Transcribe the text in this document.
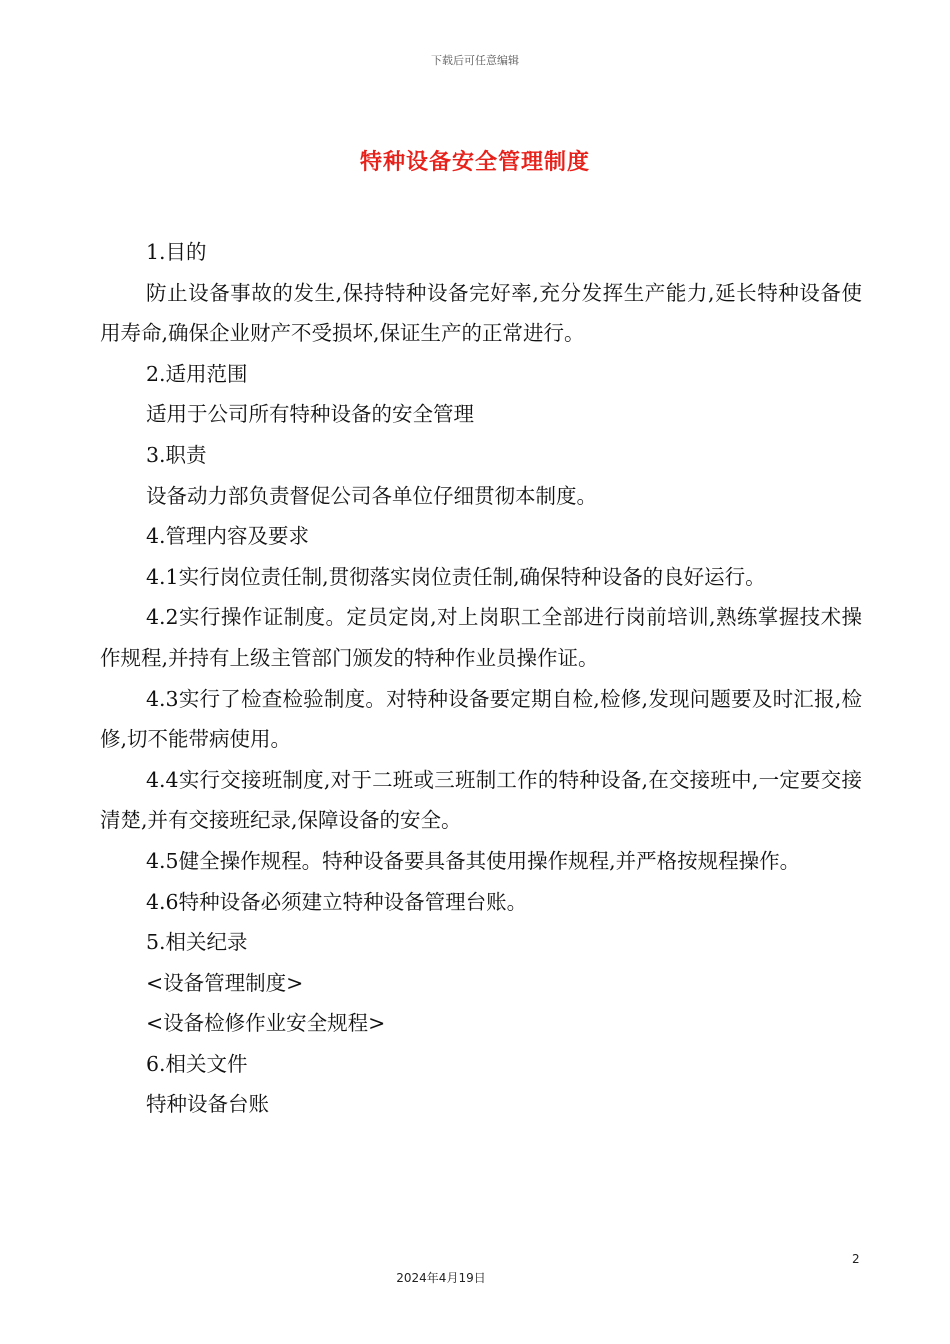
下载后可任意编辑
特种设备安全管理制度

1.目的

防止设备事故的发生,保持特种设备完好率,充分发挥生产能力,延长特种设备使用寿命,确保企业财产不受损坏,保证生产的正常进行。

2.适用范围

适用于公司所有特种设备的安全管理

3.职责

设备动力部负责督促公司各单位仔细贯彻本制度。

4.管理内容及要求

4.1实行岗位责任制,贯彻落实岗位责任制,确保特种设备的良好运行。

4.2实行操作证制度。定员定岗,对上岗职工全部进行岗前培训,熟练掌握技术操作规程,并持有上级主管部门颁发的特种作业员操作证。

4.3实行了检查检验制度。对特种设备要定期自检,检修,发现问题要及时汇报,检修,切不能带病使用。

4.4实行交接班制度,对于二班或三班制工作的特种设备,在交接班中,一定要交接清楚,并有交接班纪录,保障设备的安全。

4.5健全操作规程。特种设备要具备其使用操作规程,并严格按规程操作。

4.6特种设备必须建立特种设备管理台账。

5.相关纪录

<设备管理制度>

<设备检修作业安全规程>

6.相关文件

特种设备台账

2
2024年4月19日
